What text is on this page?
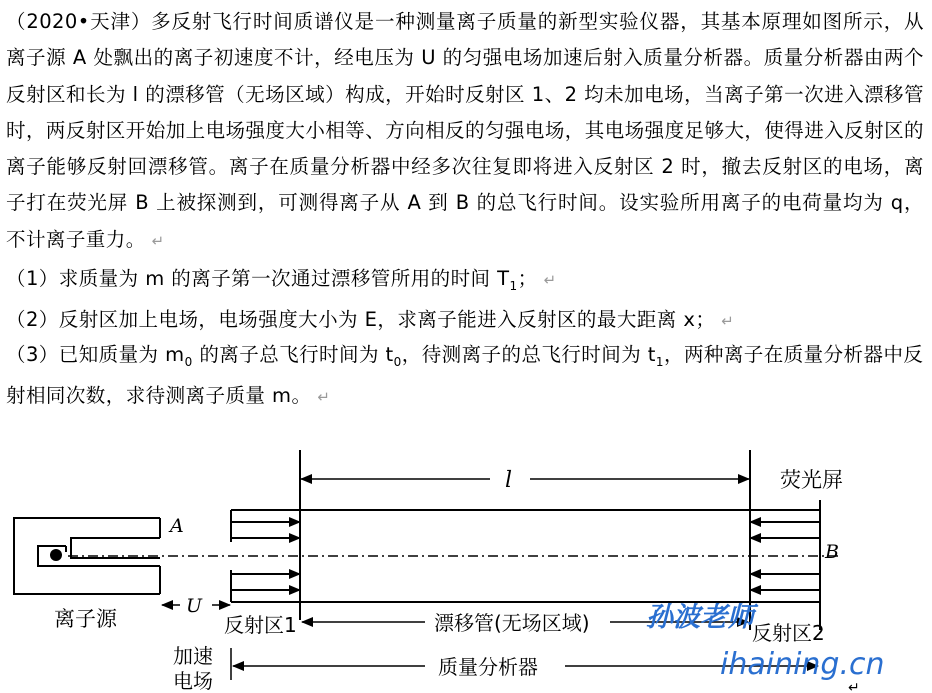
（2020•天津）多反射飞行时间质谱仪是一种测量离子质量的新型实验仪器，其基本原理如图所示，从离子源 A 处飘出的离子初速度不计，经电压为 U 的匀强电场加速后射入质量分析器。质量分析器由两个反射区和长为 l 的漂移管（无场区域）构成，开始时反射区 1、2 均未加电场，当离子第一次进入漂移管时，两反射区开始加上电场强度大小相等、方向相反的匀强电场，其电场强度足够大，使得进入反射区的离子能够反射回漂移管。离子在质量分析器中经多次往复即将进入反射区 2 时，撤去反射区的电场，离子打在荧光屏 B 上被探测到，可测得离子从 A 到 B 的总飞行时间。设实验所用离子的电荷量均为 q，不计离子重力。 ↵

（1）求质量为 m 的离子第一次通过漂移管所用的时间 $T_1$； ↵

（2）反射区加上电场，电场强度大小为 E，求离子能进入反射区的最大距离 x； ↵

（3）已知质量为 $m_0$ 的离子总飞行时间为 $t_0$，待测离子的总飞行时间为 $t_1$，两种离子在质量分析器中反射相同次数，求待测离子质量 m。 ↵

l	荧光屏
A
B
U
离子源	反射区1	漂移管(无场区域)	反射区2
加速
电场
质量分析器
孙波老师
ihaining.cn
↵
